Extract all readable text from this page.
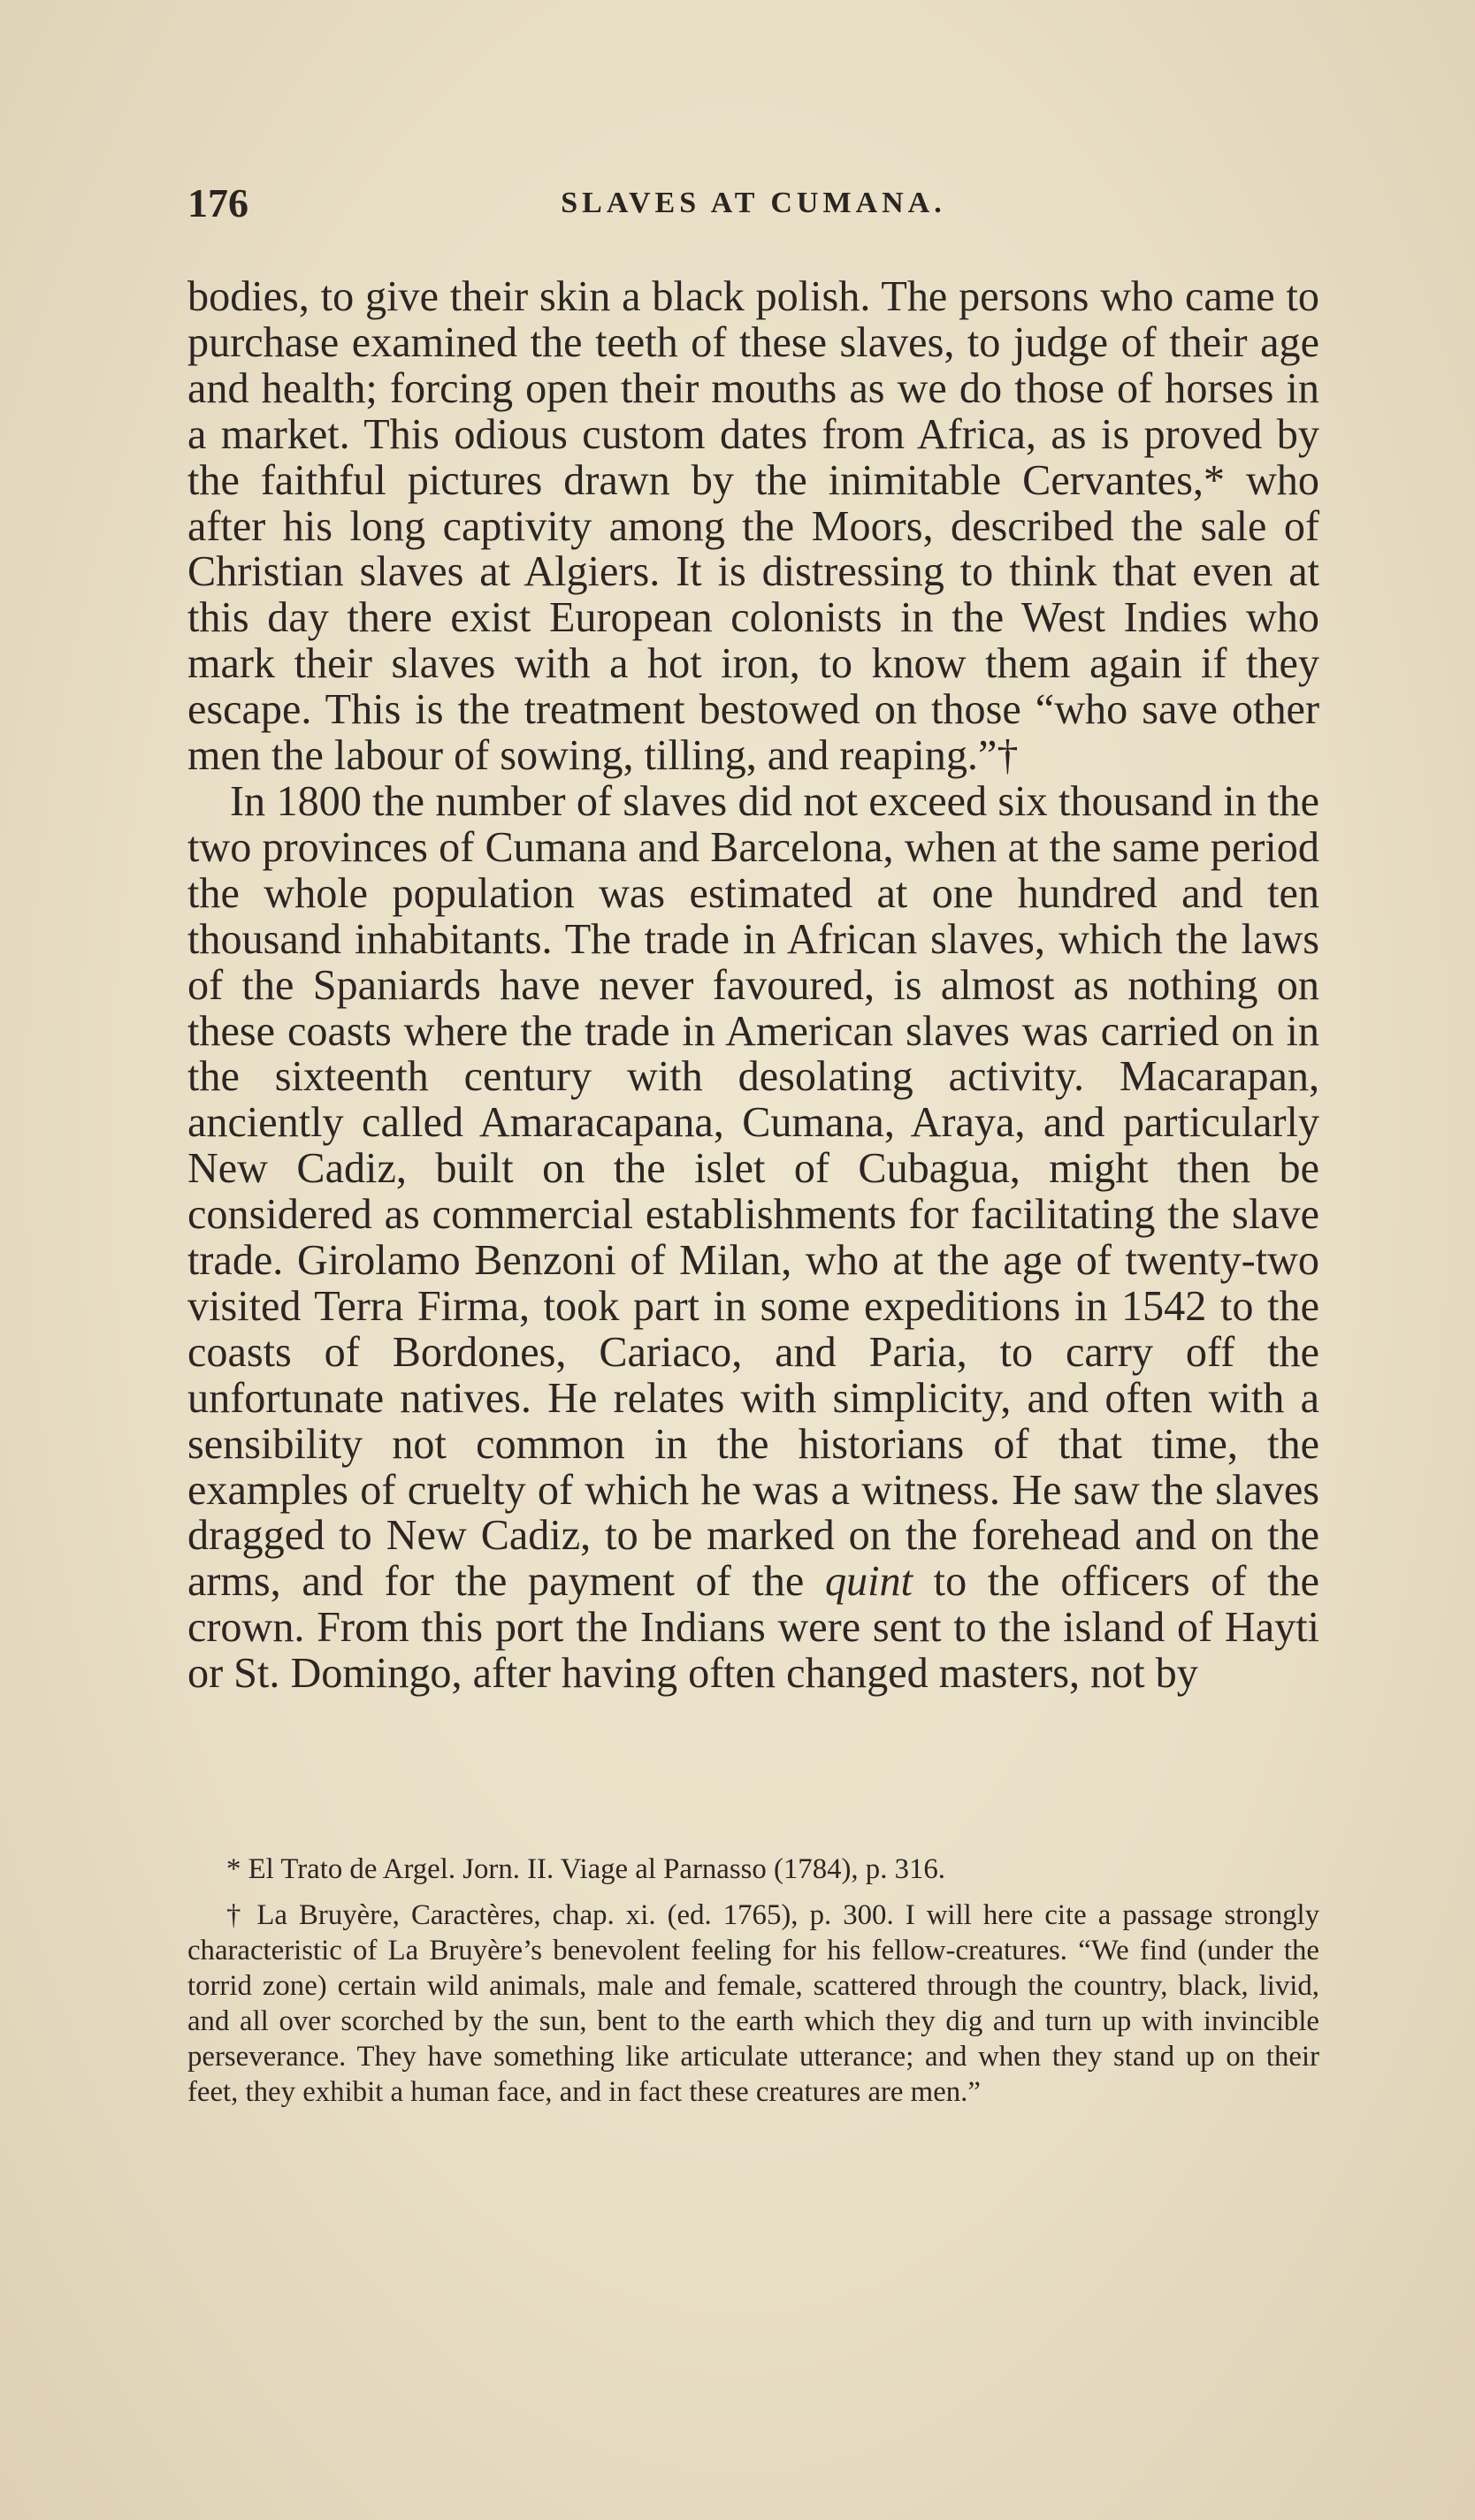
176	SLAVES AT CUMANA.

bodies, to give their skin a black polish. The persons who came to purchase examined the teeth of these slaves, to judge of their age and health; forcing open their mouths as we do those of horses in a market. This odious custom dates from Africa, as is proved by the faithful pictures drawn by the inimitable Cervantes,* who after his long captivity among the Moors, described the sale of Christian slaves at Algiers. It is distressing to think that even at this day there exist European colonists in the West Indies who mark their slaves with a hot iron, to know them again if they escape. This is the treatment bestowed on those “who save other men the labour of sowing, tilling, and reaping.”†

In 1800 the number of slaves did not exceed six thousand in the two provinces of Cumana and Barcelona, when at the same period the whole population was estimated at one hundred and ten thousand inhabitants. The trade in African slaves, which the laws of the Spaniards have never favoured, is almost as nothing on these coasts where the trade in American slaves was carried on in the sixteenth century with desolating activity. Macarapan, anciently called Amaracapana, Cumana, Araya, and particularly New Cadiz, built on the islet of Cubagua, might then be considered as commercial establishments for facilitating the slave trade. Girolamo Benzoni of Milan, who at the age of twenty-two visited Terra Firma, took part in some expeditions in 1542 to the coasts of Bordones, Cariaco, and Paria, to carry off the unfortunate natives. He relates with simplicity, and often with a sensibility not common in the historians of that time, the examples of cruelty of which he was a witness. He saw the slaves dragged to New Cadiz, to be marked on the forehead and on the arms, and for the payment of the quint to the officers of the crown. From this port the Indians were sent to the island of Hayti or St. Domingo, after having often changed masters, not by

* El Trato de Argel. Jorn. II. Viage al Parnasso (1784), p. 316.

† La Bruyère, Caractères, chap. xi. (ed. 1765), p. 300. I will here cite a passage strongly characteristic of La Bruyère’s benevolent feeling for his fellow-creatures. “We find (under the torrid zone) certain wild animals, male and female, scattered through the country, black, livid, and all over scorched by the sun, bent to the earth which they dig and turn up with invincible perseverance. They have something like articulate utterance; and when they stand up on their feet, they exhibit a human face, and in fact these creatures are men.”
